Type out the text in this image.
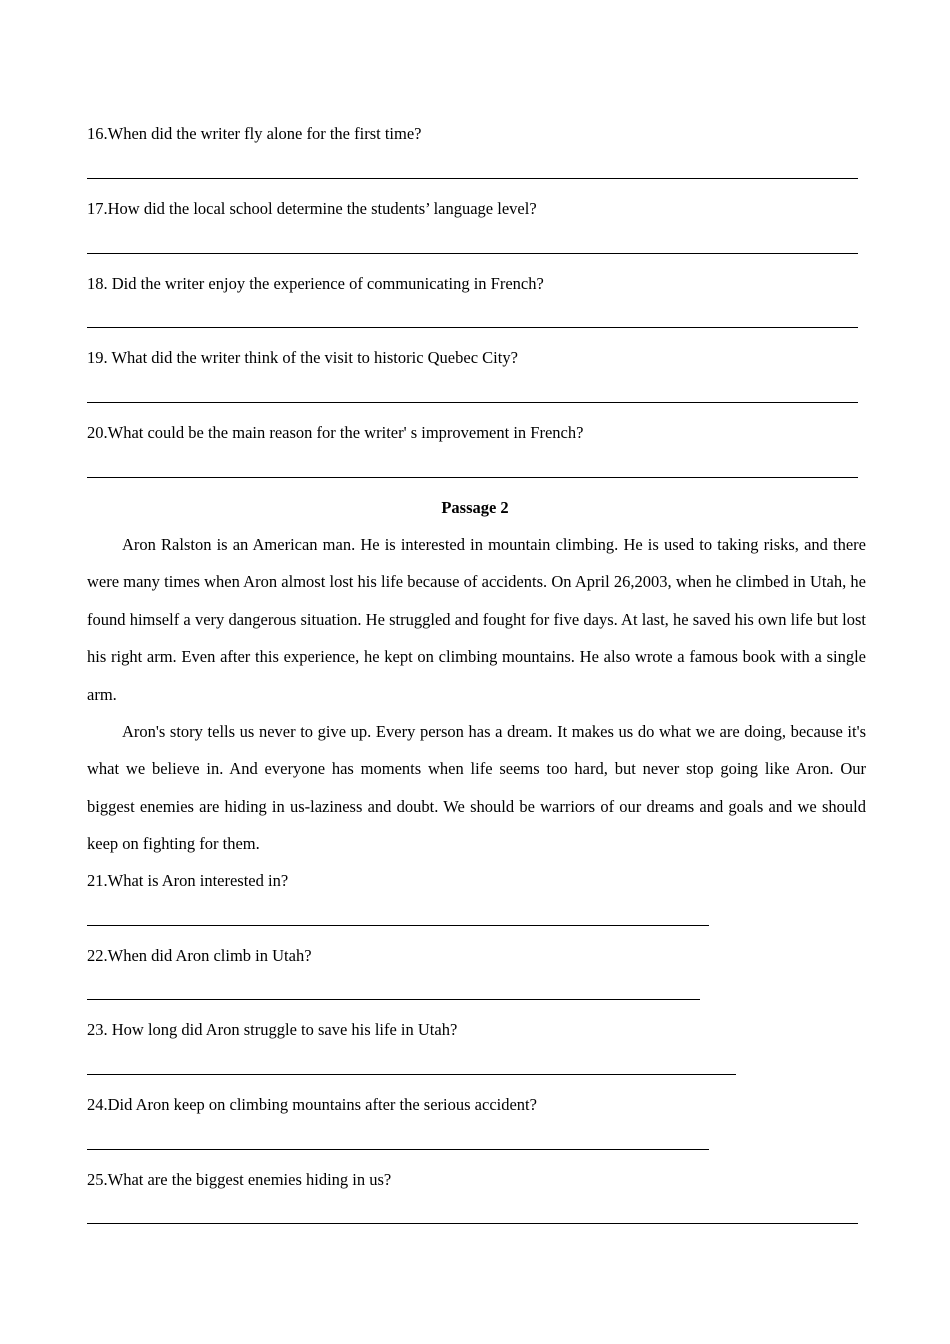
16.When did the writer fly alone for the first time?
17.How did the local school determine the students’ language level?
18. Did the writer enjoy the experience of communicating in French?
19. What did the writer think of the visit to historic Quebec City?
20.What could be the main reason for the writer' s improvement in French?
Passage 2

Aron Ralston is an American man. He is interested in mountain climbing. He is used to taking risks, and there were many times when Aron almost lost his life because of accidents. On April 26,2003, when he climbed in Utah, he found himself a very dangerous situation. He struggled and fought for five days. At last, he saved his own life but lost his right arm. Even after this experience, he kept on climbing mountains. He also wrote a famous book with a single arm.

Aron's story tells us never to give up. Every person has a dream. It makes us do what we are doing, because it's what we believe in. And everyone has moments when life seems too hard, but never stop going like Aron. Our biggest enemies are hiding in us-laziness and doubt. We should be warriors of our dreams and goals and we should keep on fighting for them.

21.What is Aron interested in?
22.When did Aron climb in Utah?
23. How long did Aron struggle to save his life in Utah?
24.Did Aron keep on climbing mountains after the serious accident?
25.What are the biggest enemies hiding in us?
